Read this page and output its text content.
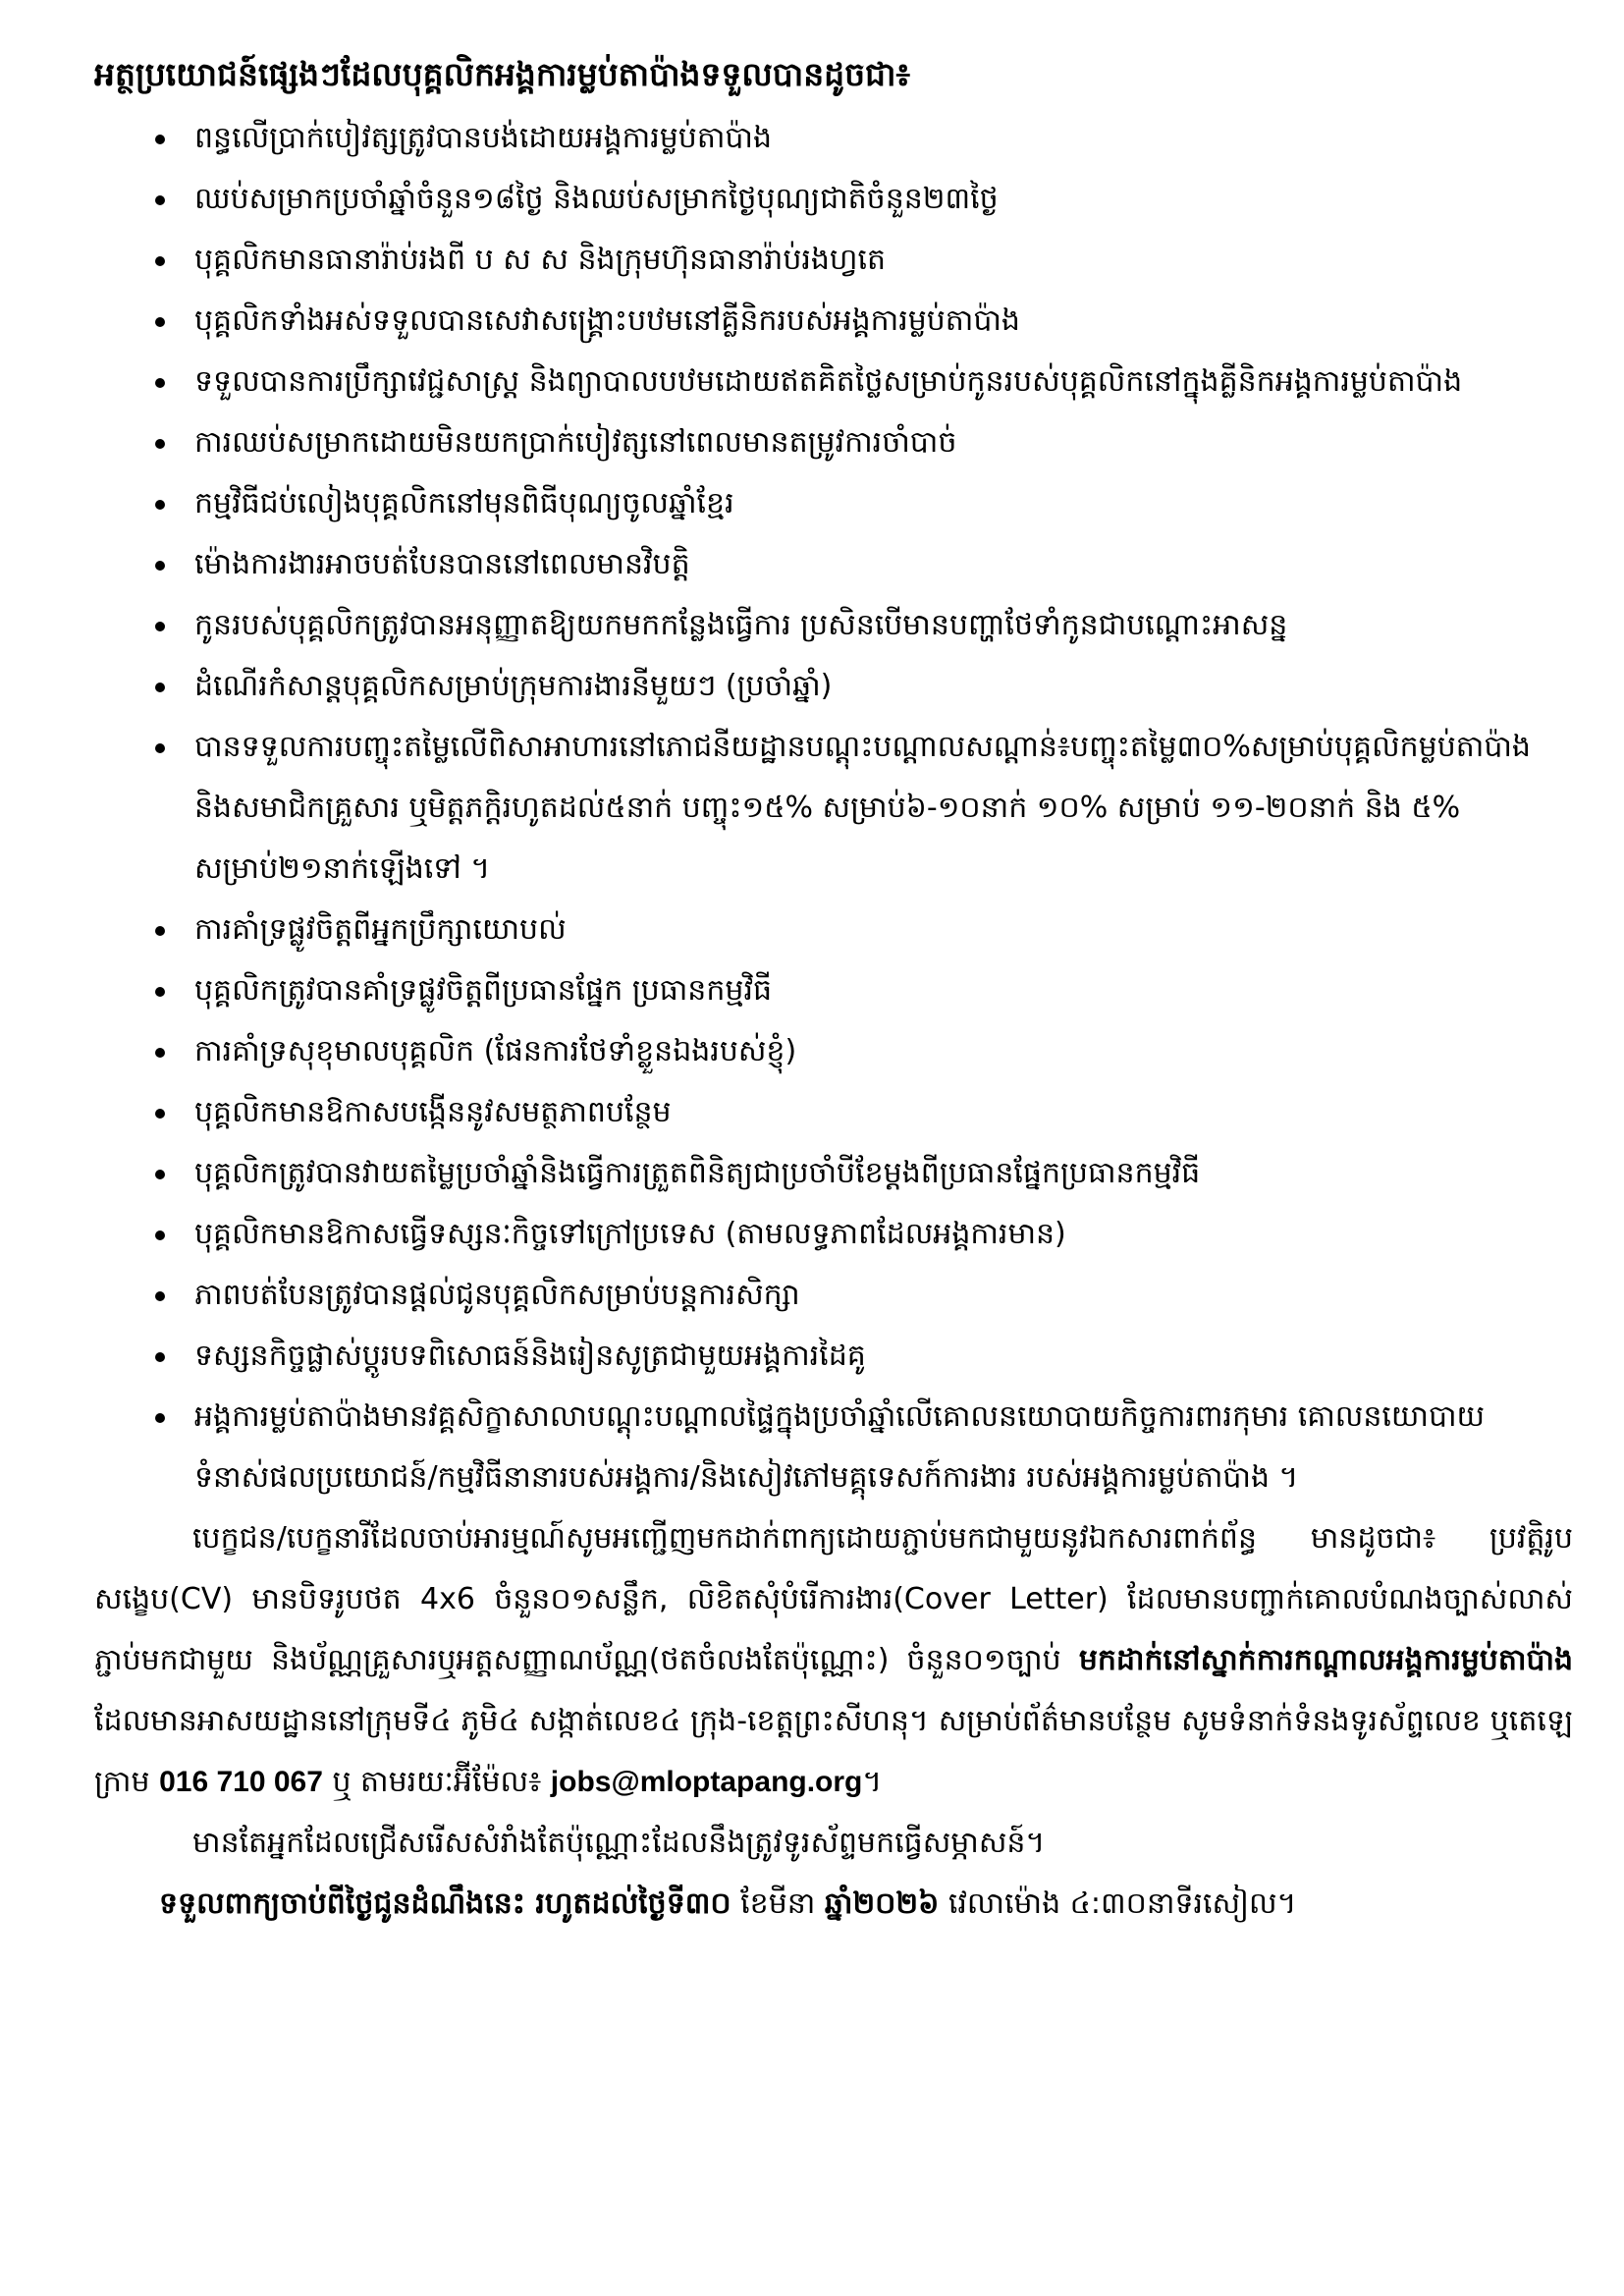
អត្ថប្រយោជន៍ផ្សេងៗដែលបុគ្គលិកអង្គការម្លប់តាប៉ាងទទួលបានដូចជា៖
ពន្ធលើប្រាក់បៀវត្សត្រូវបានបង់ដោយអង្គការម្លប់តាប៉ាង
ឈប់សម្រាកប្រចាំឆ្នាំចំនួន១៨ថ្ងៃ និងឈប់សម្រាកថ្ងៃបុណ្យជាតិចំនួន២៣ថ្ងៃ
បុគ្គលិកមានធានារ៉ាប់រងពី ប ស ស និងក្រុមហ៊ុនធានារ៉ាប់រងហ្វតេ
បុគ្គលិកទាំងអស់ទទួលបានសេវាសង្គ្រោះបឋមនៅគ្លីនិករបស់អង្គការម្លប់តាប៉ាង
ទទួលបានការប្រឹក្សាវេជ្ជសាស្ត្រ និងព្យាបាលបឋមដោយឥតគិតថ្លៃសម្រាប់កូនរបស់បុគ្គលិកនៅក្នុងគ្លីនិកអង្គការម្លប់តាប៉ាង
ការឈប់សម្រាកដោយមិនយកប្រាក់បៀវត្សនៅពេលមានតម្រូវការចាំបាច់
កម្មវិធីជប់លៀងបុគ្គលិកនៅមុនពិធីបុណ្យចូលឆ្នាំខ្មែរ
ម៉ោងការងារអាចបត់បែនបាននៅពេលមានវិបត្តិ
កូនរបស់បុគ្គលិកត្រូវបានអនុញ្ញាតឱ្យយកមកកន្លែងធ្វើការ ប្រសិនបើមានបញ្ហាថែទាំកូនជាបណ្ដោះអាសន្ន
ដំណើរកំសាន្តបុគ្គលិកសម្រាប់ក្រុមការងារនីមួយៗ (ប្រចាំឆ្នាំ)
បានទទួលការបញ្ចុះតម្លៃលើពិសាអាហារនៅភោជនីយដ្ឋានបណ្ដុះបណ្ដាលសណ្ដាន់៖បញ្ចុះតម្លៃ៣០%សម្រាប់បុគ្គលិកម្លប់តាប៉ាង និងសមាជិកគ្រួសារ ឬមិត្តភក្តិរហូតដល់៥នាក់ បញ្ចុះ១៥% សម្រាប់៦-១០នាក់ ១០% សម្រាប់ ១១-២០នាក់ និង ៥% សម្រាប់២១នាក់ឡើងទៅ ។
ការគាំទ្រផ្លូវចិត្តពីអ្នកប្រឹក្សាយោបល់
បុគ្គលិកត្រូវបានគាំទ្រផ្លូវចិត្តពីប្រធានផ្នែក ប្រធានកម្មវិធី
ការគាំទ្រសុខុមាលបុគ្គលិក (ផែនការថែទាំខ្លួនឯងរបស់ខ្ញុំ)
បុគ្គលិកមានឱកាសបង្កើននូវសមត្ថភាពបន្ថែម
បុគ្គលិកត្រូវបានវាយតម្លៃប្រចាំឆ្នាំនិងធ្វើការត្រួតពិនិត្យជាប្រចាំបីខែម្ដងពីប្រធានផ្នែកប្រធានកម្មវិធី
បុគ្គលិកមានឱកាសធ្វើទស្សនៈកិច្ចទៅក្រៅប្រទេស (តាមលទ្ធភាពដែលអង្គការមាន)
ភាពបត់បែនត្រូវបានផ្ដល់ជូនបុគ្គលិកសម្រាប់បន្តការសិក្សា
ទស្សនកិច្ចផ្លាស់ប្ដូរបទពិសោធន៍និងរៀនសូត្រជាមួយអង្គការដៃគូ
អង្គការម្លប់តាប៉ាងមានវគ្គសិក្ខាសាលាបណ្ដុះបណ្ដាលផ្ទៃក្នុងប្រចាំឆ្នាំលើគោលនយោបាយកិច្ចការពារកុមារ គោលនយោបាយទំនាស់ផលប្រយោជន៍/កម្មវិធីនានារបស់អង្គការ/និងសៀវភៅមគ្គុទេសក៍ការងារ របស់អង្គការម្លប់តាប៉ាង ។

បេក្ខជន/បេក្ខនារីដែលចាប់អារម្មណ៍សូមអញ្ជើញមកដាក់ពាក្យដោយភ្ជាប់មកជាមួយនូវឯកសារពាក់ព័ន្ធ មានដូចជា៖ ប្រវត្តិរូបសង្ខេប(CV) មានបិទរូបថត 4x6 ចំនួន០១សន្លឹក, លិខិតសុំបំរើការងារ(Cover Letter) ដែលមានបញ្ជាក់គោលបំណងច្បាស់លាស់ភ្ជាប់មកជាមួយ និងប័ណ្ណគ្រួសារឬអត្តសញ្ញាណប័ណ្ណ(ថតចំលងតែប៉ុណ្ណោះ) ចំនួន០១ច្បាប់ មកដាក់នៅស្នាក់ការកណ្ដាលអង្គការម្លប់តាប៉ាង ដែលមានអាសយដ្ឋាននៅក្រុមទី៤ ភូមិ៤ សង្កាត់លេខ៤ ក្រុង-ខេត្តព្រះសីហនុ។ សម្រាប់ព័ត៌មានបន្ថែម សូមទំនាក់ទំនងទូរស័ព្ទលេខ ឬតេឡេក្រាម 016 710 067 ឬ តាមរយៈអ៊ីម៉ែល៖ jobs@mloptapang.org។

មានតែអ្នកដែលជ្រើសរើសសំរាំងតែប៉ុណ្ណោះដែលនឹងត្រូវទូរស័ព្ទមកធ្វើសម្ភាសន៍។

ទទួលពាក្យចាប់ពីថ្ងៃជូនដំណឹងនេះ រហូតដល់ថ្ងៃទី៣០ ខែមីនា ឆ្នាំ២០២៦ វេលាម៉ោង ៤:៣០នាទីរសៀល។
